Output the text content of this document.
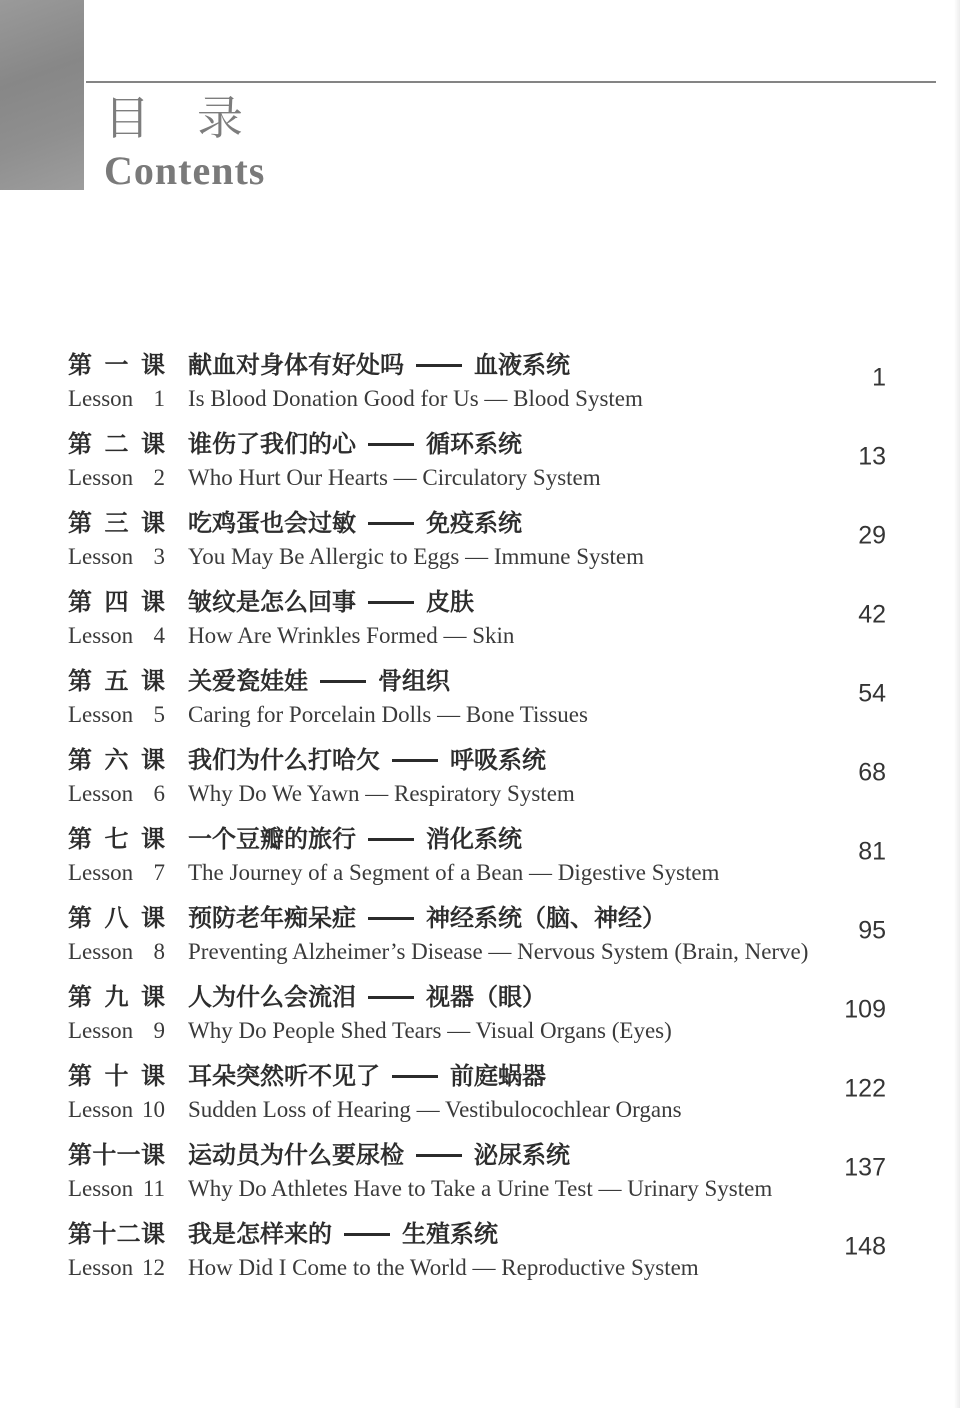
目 录
Contents
第 一 课
Lesson 1
献血对身体有好处吗	血液系统
Is Blood Donation Good for Us — Blood System
1
第 二 课
Lesson 2
谁伤了我们的心	循环系统
Who Hurt Our Hearts — Circulatory System
13
第 三 课
Lesson 3
吃鸡蛋也会过敏	免疫系统
You May Be Allergic to Eggs — Immune System
29
第 四 课
Lesson 4
皱纹是怎么回事	皮肤
How Are Wrinkles Formed — Skin
42
第 五 课
Lesson 5
关爱瓷娃娃	骨组织
Caring for Porcelain Dolls — Bone Tissues
54
第 六 课
Lesson 6
我们为什么打哈欠	呼吸系统
Why Do We Yawn — Respiratory System
68
第 七 课
Lesson 7
一个豆瓣的旅行	消化系统
The Journey of a Segment of a Bean — Digestive System
81
第 八 课
Lesson 8
预防老年痴呆症	神经系统（脑、神经）
Preventing Alzheimer’s Disease — Nervous System (Brain, Nerve)
95
第 九 课
Lesson 9
人为什么会流泪	视器（眼）
Why Do People Shed Tears — Visual Organs (Eyes)
109
第 十 课
Lesson 10
耳朵突然听不见了	前庭蜗器
Sudden Loss of Hearing — Vestibulocochlear Organs
122
第 十 一 课
Lesson 11
运动员为什么要尿检	泌尿系统
Why Do Athletes Have to Take a Urine Test — Urinary System
137
第 十 二 课
Lesson 12
我是怎样来的	生殖系统
How Did I Come to the World — Reproductive System
148
